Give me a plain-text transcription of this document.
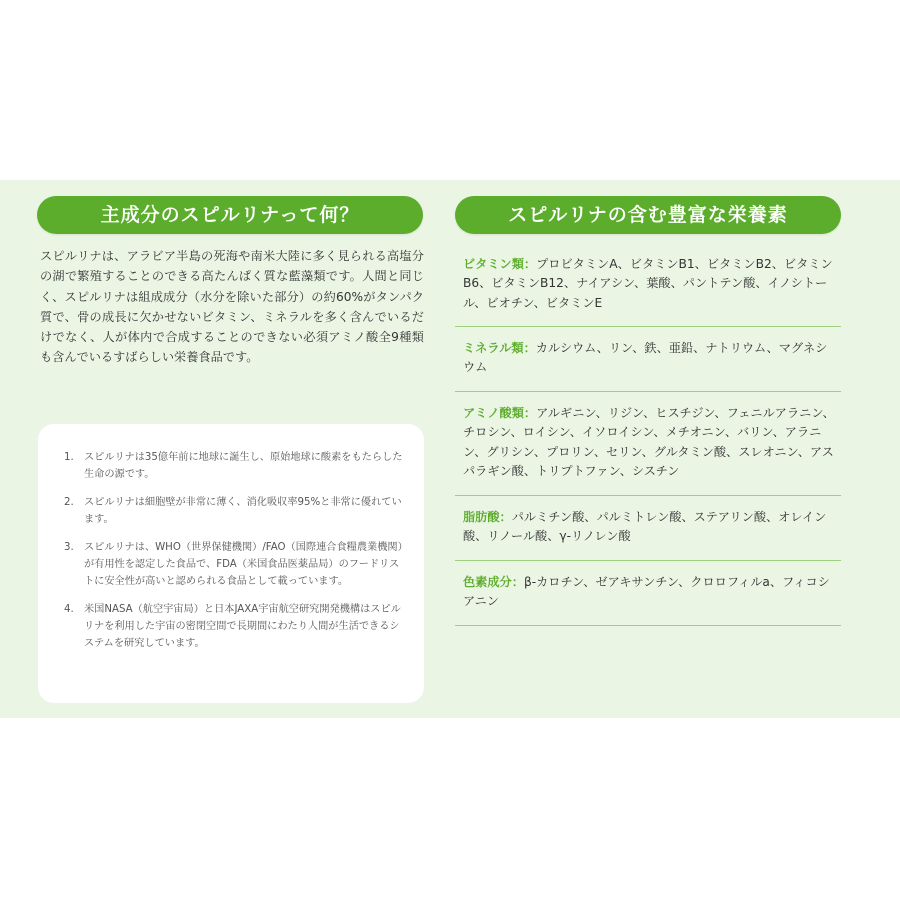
主成分のスピルリナって何？

スピルリナは、アラビア半島の死海や南米大陸に多く見られる高塩分の湖で繁殖することのできる高たんぱく質な藍藻類です。人間と同じく、スピルリナは組成成分（水分を除いた部分）の約60%がタンパク質で、骨の成長に欠かせないビタミン、ミネラルを多く含んでいるだけでなく、人が体内で合成することのできない必須アミノ酸全9種類も含んでいるすばらしい栄養食品です。

1.	スピルリナは35億年前に地球に誕生し、原始地球に酸素をもたらした生命の源です。
2.	スピルリナは細胞壁が非常に薄く、消化吸収率95%と非常に優れています。
3.	スピルリナは、WHO（世界保健機関）/FAO（国際連合食糧農業機関）が有用性を認定した食品で、FDA（米国食品医薬品局）のフードリストに安全性が高いと認められる食品として載っています。
4.	米国NASA（航空宇宙局）と日本JAXA宇宙航空研究開発機構はスピルリナを利用した宇宙の密閉空間で長期間にわたり人間が生活できるシステムを研究しています。
スピルリナの含む豊富な栄養素
ビタミン類：プロビタミンA、ビタミンB1、ビタミンB2、ビタミンB6、ビタミンB12、ナイアシン、葉酸、パントテン酸、イノシトール、ビオチン、ビタミンE
ミネラル類：カルシウム、リン、鉄、亜鉛、ナトリウム、マグネシウム
アミノ酸類：アルギニン、リジン、ヒスチジン、フェニルアラニン、チロシン、ロイシン、イソロイシン、メチオニン、バリン、アラニン、グリシン、プロリン、セリン、グルタミン酸、スレオニン、アスパラギン酸、トリプトファン、シスチン
脂肪酸：パルミチン酸、パルミトレン酸、ステアリン酸、オレイン酸、リノール酸、γ-リノレン酸
色素成分：β-カロチン、ゼアキサンチン、クロロフィルa、フィコシアニン
